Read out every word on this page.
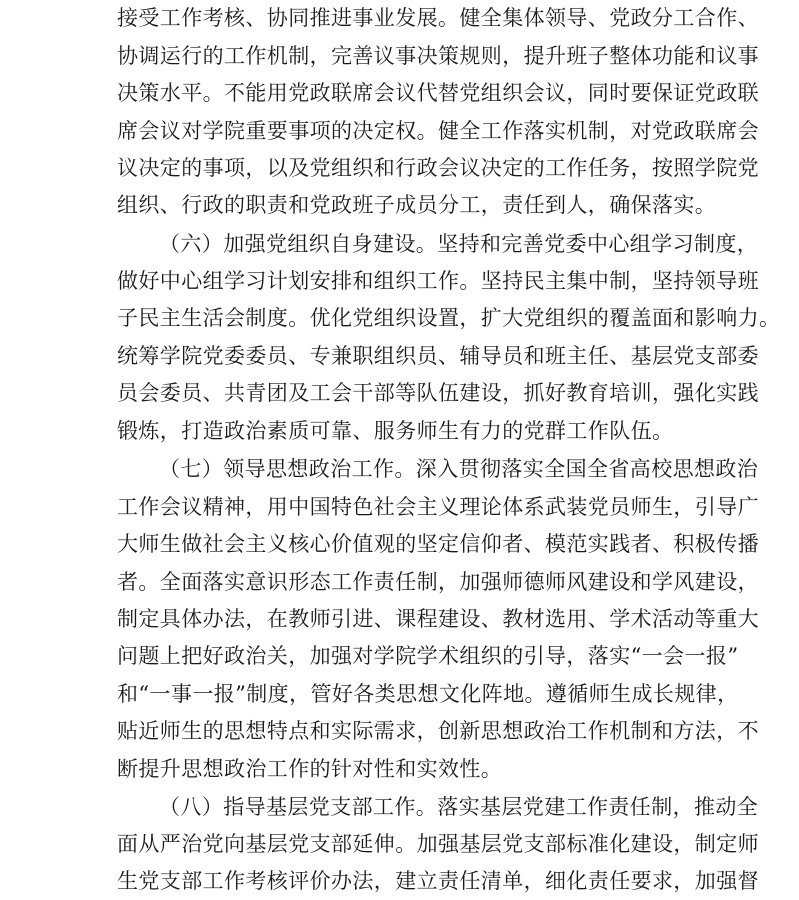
接受工作考核、协同推进事业发展。健全集体领导、党政分工合作、
协调运行的工作机制，完善议事决策规则，提升班子整体功能和议事
决策水平。不能用党政联席会议代替党组织会议，同时要保证党政联
席会议对学院重要事项的决定权。健全工作落实机制，对党政联席会
议决定的事项，以及党组织和行政会议决定的工作任务，按照学院党
组织、行政的职责和党政班子成员分工，责任到人，确保落实。
（六）加强党组织自身建设。坚持和完善党委中心组学习制度，
做好中心组学习计划安排和组织工作。坚持民主集中制，坚持领导班
子民主生活会制度。优化党组织设置，扩大党组织的覆盖面和影响力。
统筹学院党委委员、专兼职组织员、辅导员和班主任、基层党支部委
员会委员、共青团及工会干部等队伍建设，抓好教育培训，强化实践
锻炼，打造政治素质可靠、服务师生有力的党群工作队伍。
（七）领导思想政治工作。深入贯彻落实全国全省高校思想政治
工作会议精神，用中国特色社会主义理论体系武装党员师生，引导广
大师生做社会主义核心价值观的坚定信仰者、模范实践者、积极传播
者。全面落实意识形态工作责任制，加强师德师风建设和学风建设，
制定具体办法，在教师引进、课程建设、教材选用、学术活动等重大
问题上把好政治关，加强对学院学术组织的引导，落实“一会一报”
和“一事一报”制度，管好各类思想文化阵地。遵循师生成长规律，
贴近师生的思想特点和实际需求，创新思想政治工作机制和方法，不
断提升思想政治工作的针对性和实效性。
（八）指导基层党支部工作。落实基层党建工作责任制，推动全
面从严治党向基层党支部延伸。加强基层党支部标准化建设，制定师
生党支部工作考核评价办法，建立责任清单，细化责任要求，加强督
